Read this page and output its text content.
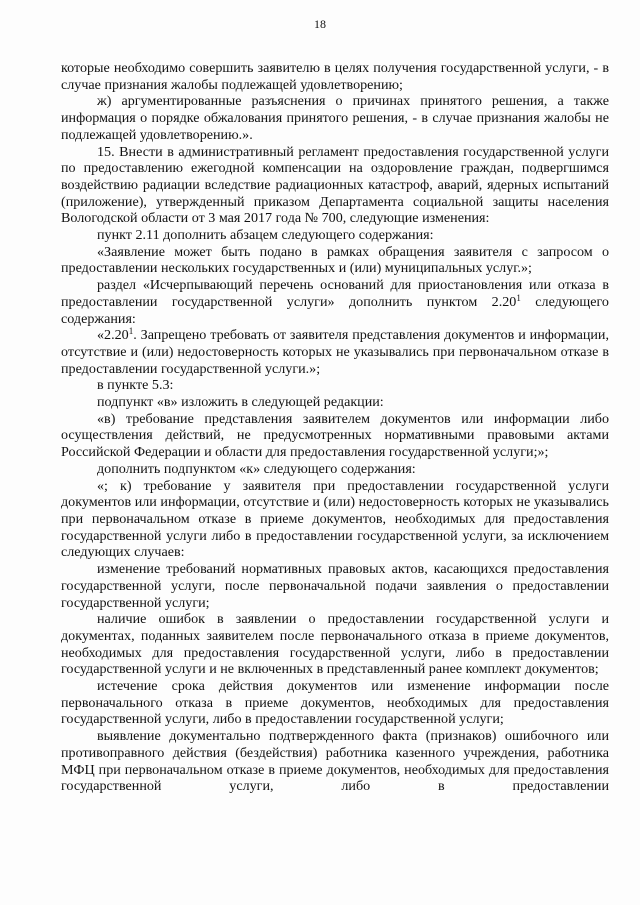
18

которые необходимо совершить заявителю в целях получения государственной услуги, - в случае признания жалобы подлежащей удовлетворению;

ж) аргументированные разъяснения о причинах принятого решения, а также информация о порядке обжалования принятого решения, - в случае признания жалобы не подлежащей удовлетворению.».

15. Внести в административный регламент предоставления государственной услуги по предоставлению ежегодной компенсации на оздоровление граждан, подвергшимся воздействию радиации вследствие радиационных катастроф, аварий, ядерных испытаний (приложение), утвержденный приказом Департамента социальной защиты населения Вологодской области от 3 мая 2017 года № 700, следующие изменения:

пункт 2.11 дополнить абзацем следующего содержания:

«Заявление может быть подано в рамках обращения заявителя с запросом о предоставлении нескольких государственных и (или) муниципальных услуг.»;

раздел «Исчерпывающий перечень оснований для приостановления или отказа в предоставлении государственной услуги» дополнить пунктом 2.20$^1$ следующего содержания:

«2.20$^1$. Запрещено требовать от заявителя представления документов и информации, отсутствие и (или) недостоверность которых не указывались при первоначальном отказе в предоставлении государственной услуги.»;

в пункте 5.3:

подпункт «в» изложить в следующей редакции:

«в) требование представления заявителем документов или информации либо осуществления действий, не предусмотренных нормативными правовыми актами Российской Федерации и области для предоставления государственной услуги;»;

дополнить подпунктом «к» следующего содержания:

«; к) требование у заявителя при предоставлении государственной услуги документов или информации, отсутствие и (или) недостоверность которых не указывались при первоначальном отказе в приеме документов, необходимых для предоставления государственной услуги либо в предоставлении государственной услуги, за исключением следующих случаев:

изменение требований нормативных правовых актов, касающихся предоставления государственной услуги, после первоначальной подачи заявления о предоставлении государственной услуги;

наличие ошибок в заявлении о предоставлении государственной услуги и документах, поданных заявителем после первоначального отказа в приеме документов, необходимых для предоставления государственной услуги, либо в предоставлении государственной услуги и не включенных в представленный ранее комплект документов;

истечение срока действия документов или изменение информации после первоначального отказа в приеме документов, необходимых для предоставления государственной услуги, либо в предоставлении государственной услуги;

выявление документально подтвержденного факта (признаков) ошибочного или противоправного действия (бездействия) работника казенного учреждения, работника МФЦ при первоначальном отказе в приеме документов, необходимых для предоставления государственной услуги, либо в предоставлении
